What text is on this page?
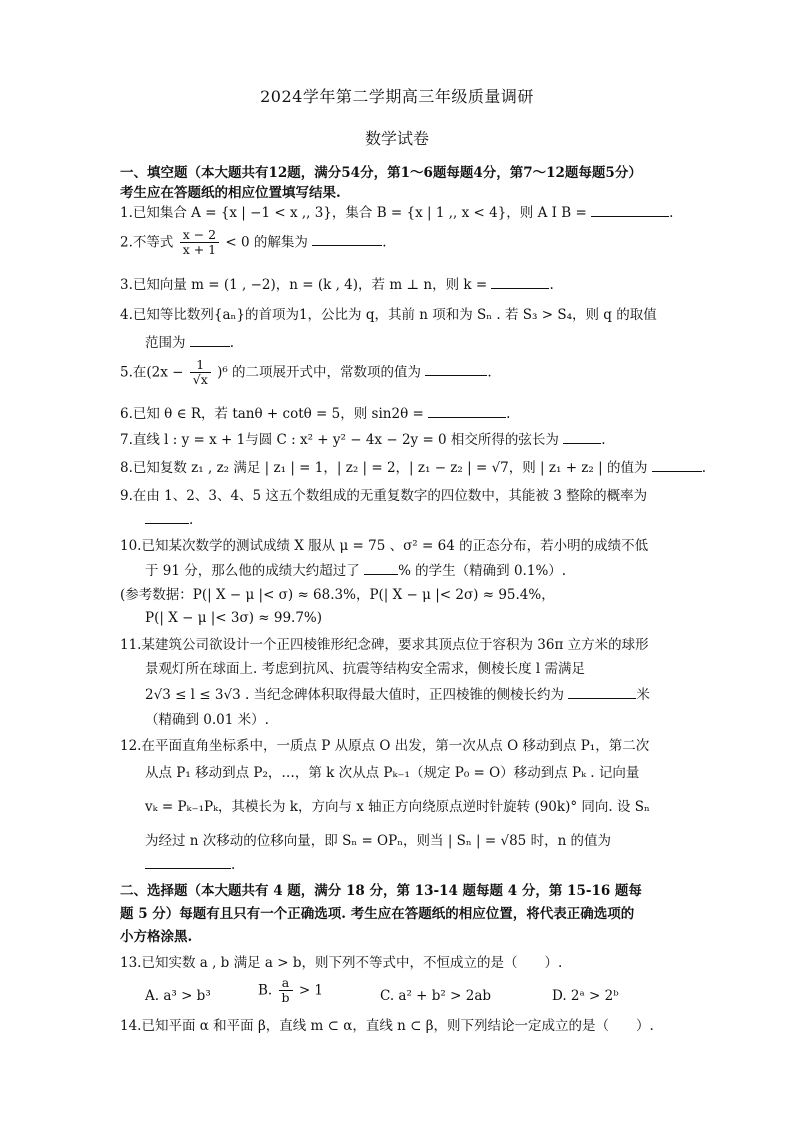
2024学年第二学期高三年级质量调研
数学试卷
一、填空题（本大题共有12题，满分54分，第1～6题每题4分，第7～12题每题5分）
考生应在答题纸的相应位置填写结果.
1.已知集合 A = {x | −1 < x ,, 3}，集合 B = {x | 1 ,, x < 4}，则 A I B =	.
2.不等式 $\frac{x - 2}{x + 1} < 0$ 的解集为	.
3.已知向量 m = (1 , −2)，n = (k , 4)，若 m ⊥ n，则 k =	.
4.已知等比数列{aₙ}的首项为1，公比为 q，其前 n 项和为 Sₙ . 若 S₃ > S₄，则 q 的取值
范围为	.
5.在$(2x - \frac{1}{√x} )^6$ 的二项展开式中，常数项的值为	.
6.已知 θ ∈ R，若 tanθ + cotθ = 5，则 sin2θ =	.
7.直线 l : y = x + 1与圆 C : x² + y² − 4x − 2y = 0 相交所得的弦长为	.
8.已知复数 z₁ , z₂ 满足 | z₁ | = 1，| z₂ | = 2，| z₁ − z₂ | = √7，则 | z₁ + z₂ | 的值为	.
9.在由 1、2、3、4、5 这五个数组成的无重复数字的四位数中，其能被 3 整除的概率为
.
10.已知某次数学的测试成绩 X 服从 μ = 75 、σ² = 64 的正态分布，若小明的成绩不低
于 91 分，那么他的成绩大约超过了	% 的学生（精确到 0.1%）.
(参考数据：P(| X − μ |< σ) ≈ 68.3%，P(| X − μ |< 2σ) ≈ 95.4%，
P(| X − μ |< 3σ) ≈ 99.7%)
11.某建筑公司欲设计一个正四棱锥形纪念碑，要求其顶点位于容积为 36π 立方米的球形
景观灯所在球面上. 考虑到抗风、抗震等结构安全需求，侧棱长度 l 需满足
2√3 ≤ l ≤ 3√3 . 当纪念碑体积取得最大值时，正四棱锥的侧棱长约为	米
（精确到 0.01 米）.
12.在平面直角坐标系中，一质点 P 从原点 O 出发，第一次从点 O 移动到点 P₁，第二次
从点 P₁ 移动到点 P₂，…，第 k 次从点 Pₖ₋₁（规定 P₀ = O）移动到点 Pₖ . 记向量
vₖ = Pₖ₋₁Pₖ，其模长为 k，方向与 x 轴正方向绕原点逆时针旋转 (90k)° 同向. 设 Sₙ
为经过 n 次移动的位移向量，即 Sₙ = OPₙ，则当 | Sₙ | = √85 时，n 的值为
.
二、选择题（本大题共有 4 题，满分 18 分，第 13-14 题每题 4 分，第 15-16 题每
题 5 分）每题有且只有一个正确选项. 考生应在答题纸的相应位置，将代表正确选项的
小方格涂黑.
13.已知实数 a , b 满足 a > b，则下列不等式中，不恒成立的是（　　）.
A. a³ > b³	B. $\frac{a}{b} > 1$	C. a² + b² > 2ab	D. 2ᵃ > 2ᵇ
14.已知平面 α 和平面 β，直线 m ⊂ α，直线 n ⊂ β，则下列结论一定成立的是（　　）.
